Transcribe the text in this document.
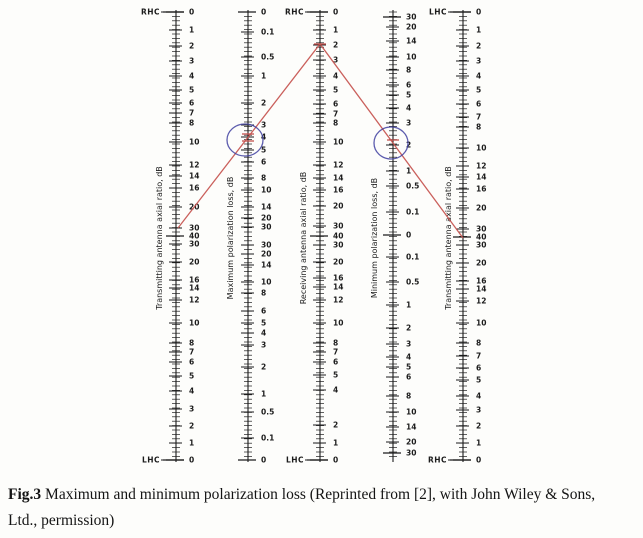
0
1
2
3
4
5
6
7
8
10
12
14
16
20
30
40
30
20
16
14
12
10
8
7
6
5
4
3
2
1
0
RHC
LHC
Transmitting antenna axial ratio, dB
0
0.1
0.5
1
2
3
4
5
6
8
10
14
20
30
30
20
14
10
8
6
5
4
3
2
1
0.5
0.1
0
Maximum polarization loss, dB
0
1
2
3
4
5
6
7
8
10
12
14
16
20
30
40
30
20
16
14
12
10
8
7
6
5
4
2
1
0
RHC
LHC
Receiving antenna axial ratio, dB
30
20
14
10
8
6
5
4
3
2
1
0.5
0.1
0
0.1
0.5
1
2
3
4
5
6
8
10
14
20
30
Minimum polarization loss, dB
0
1
2
3
4
5
6
7
8
10
12
14
16
20
30
40
30
20
16
14
12
10
8
7
6
5
4
3
2
1
0
LHC
RHC
Transmitting antenna axial ratio, dB

Fig.3 Maximum and minimum polarization loss (Reprinted from [2], with John Wiley & Sons,
Ltd., permission)
